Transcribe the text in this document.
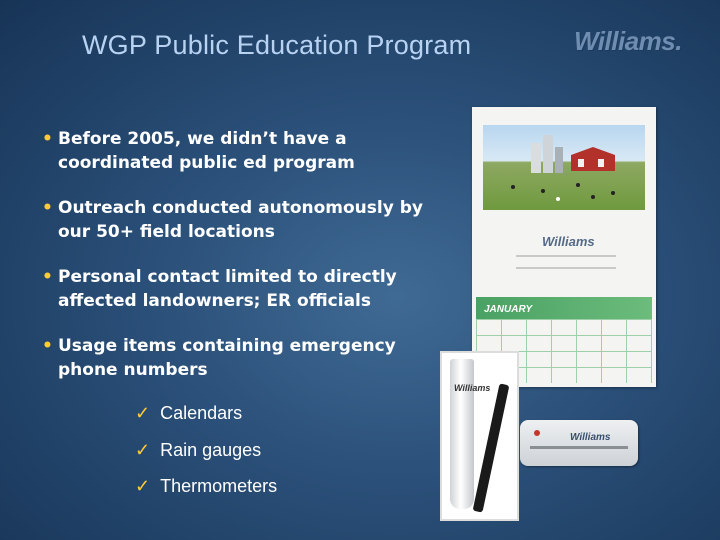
WGP Public Education Program	Williams.
• Before 2005, we didn’t have a coordinated public ed program
• Outreach conducted autonomously by our 50+ field locations
• Personal contact limited to directly affected landowners; ER officials
• Usage items containing emergency phone numbers
✓ Calendars
✓ Rain gauges
✓ Thermometers
Williams
JANUARY
Williams
Williams
